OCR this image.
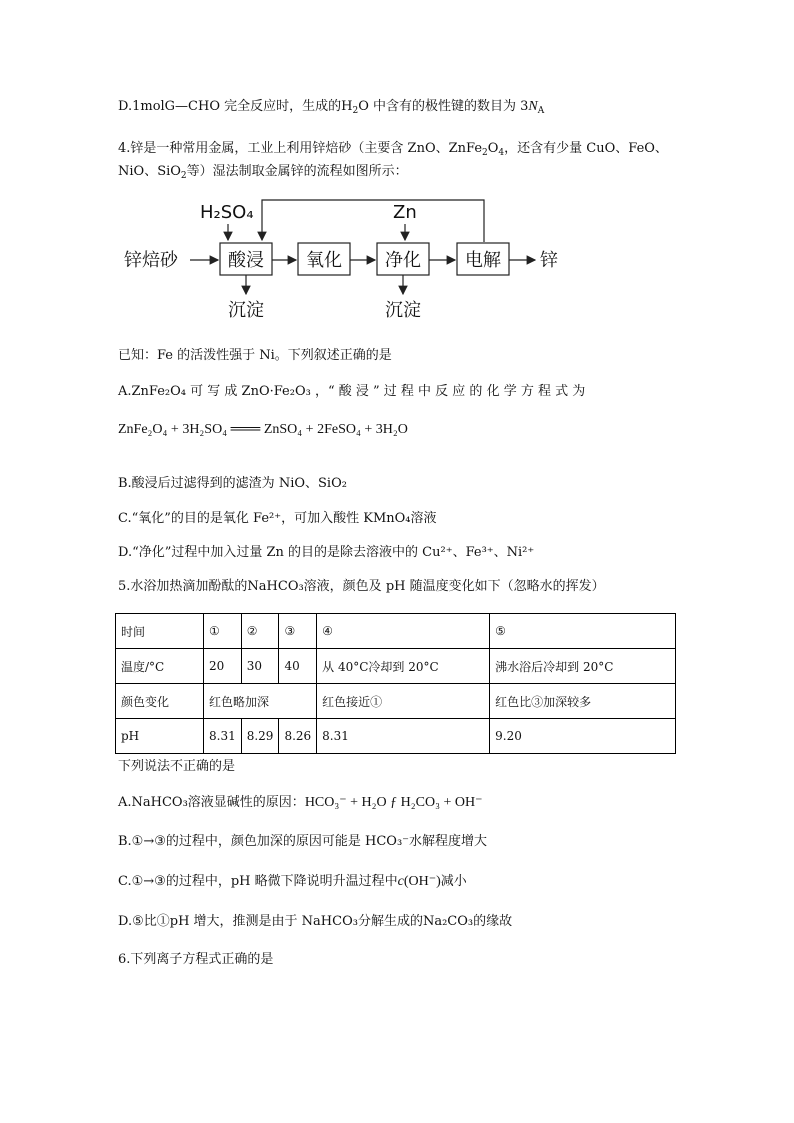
D.1molG—CHO 完全反应时，生成的$H_2O$ 中含有的极性键的数目为 $3N_A$
4.锌是一种常用金属，工业上利用锌焙砂（主要含 ZnO、$ZnFe_2O_4$，还含有少量 CuO、FeO、
NiO、SiO$_2$等）湿法制取金属锌的流程如图所示：
H₂SO₄	Zn
锌焙砂	酸浸 氧化 净化 电解 锌
沉淀	沉淀
已知：Fe 的活泼性强于 Ni。下列叙述正确的是
A.ZnFe₂O₄ 可 写 成 ZnO·Fe₂O₃ ，“ 酸 浸 ” 过 程 中 反 应 的 化 学 方 程 式 为
ZnFe₂O₄ + 3H₂SO₄ ═══ ZnSO₄ + 2FeSO₄ + 3H₂O
B.酸浸后过滤得到的滤渣为 NiO、SiO₂
C.“氧化”的目的是氧化 Fe²⁺，可加入酸性 KMnO₄溶液
D.“净化”过程中加入过量 Zn 的目的是除去溶液中的 Cu²⁺、Fe³⁺、Ni²⁺
5.水浴加热滴加酚酞的NaHCO₃溶液，颜色及 pH 随温度变化如下（忽略水的挥发）
时间	①	②	③	④	⑤
温度/°C	20	30	40	从 40°C冷却到 20°C	沸水浴后冷却到 20°C
颜色变化	红色略加深			红色接近①	红色比③加深较多
pH	8.31	8.29	8.26	8.31	9.20
下列说法不正确的是
A.NaHCO₃溶液显碱性的原因：HCO₃⁻ + H₂O ƒ H₂CO₃ + OH⁻
B.①→③的过程中，颜色加深的原因可能是 HCO₃⁻水解程度增大
C.①→③的过程中，pH 略微下降说明升温过程中c(OH⁻)减小
D.⑤比①pH 增大，推测是由于 NaHCO₃分解生成的Na₂CO₃的缘故
6.下列离子方程式正确的是
